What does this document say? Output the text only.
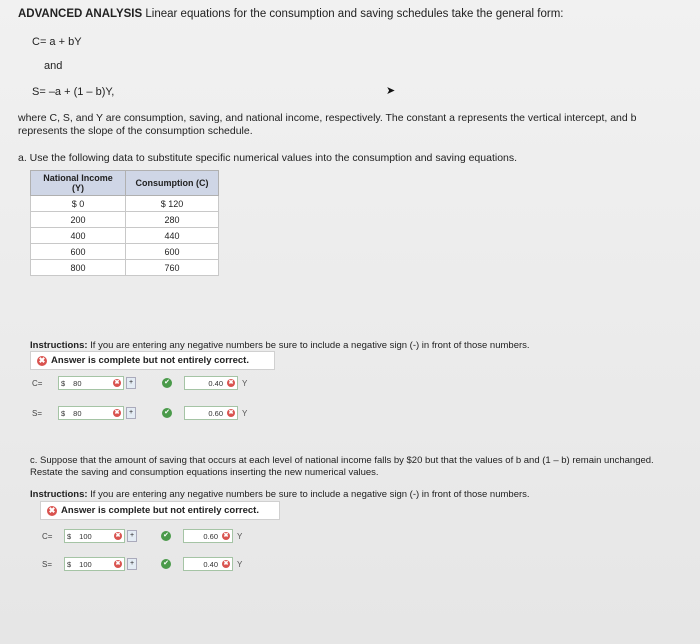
ADVANCED ANALYSIS Linear equations for the consumption and saving schedules take the general form:
C= a + bY
and
S= –a + (1 – b)Y,	➤
where C, S, and Y are consumption, saving, and national income, respectively. The constant a represents the vertical intercept, and b represents the slope of the consumption schedule.
a. Use the following data to substitute specific numerical values into the consumption and saving equations.
National Income (Y)	Consumption (C)
$ 0	$ 120
200	280
400	440
600	600
800	760
Instructions: If you are entering any negative numbers be sure to include a negative sign (-) in front of those numbers.
✖ Answer is complete but not entirely correct.
C=	$ 80	✖	+	✔	0.40 ✖ Y
S=	$ 80	✖	+	✔	0.60 ✖ Y
c. Suppose that the amount of saving that occurs at each level of national income falls by $20 but that the values of b and (1 – b) remain unchanged. Restate the saving and consumption equations inserting the new numerical values.
Instructions: If you are entering any negative numbers be sure to include a negative sign (-) in front of those numbers.
✖ Answer is complete but not entirely correct.
C=	$ 100	✖	+	✔	0.60 ✖ Y
S=	$ 100	✖	+	✔	0.40 ✖ Y
